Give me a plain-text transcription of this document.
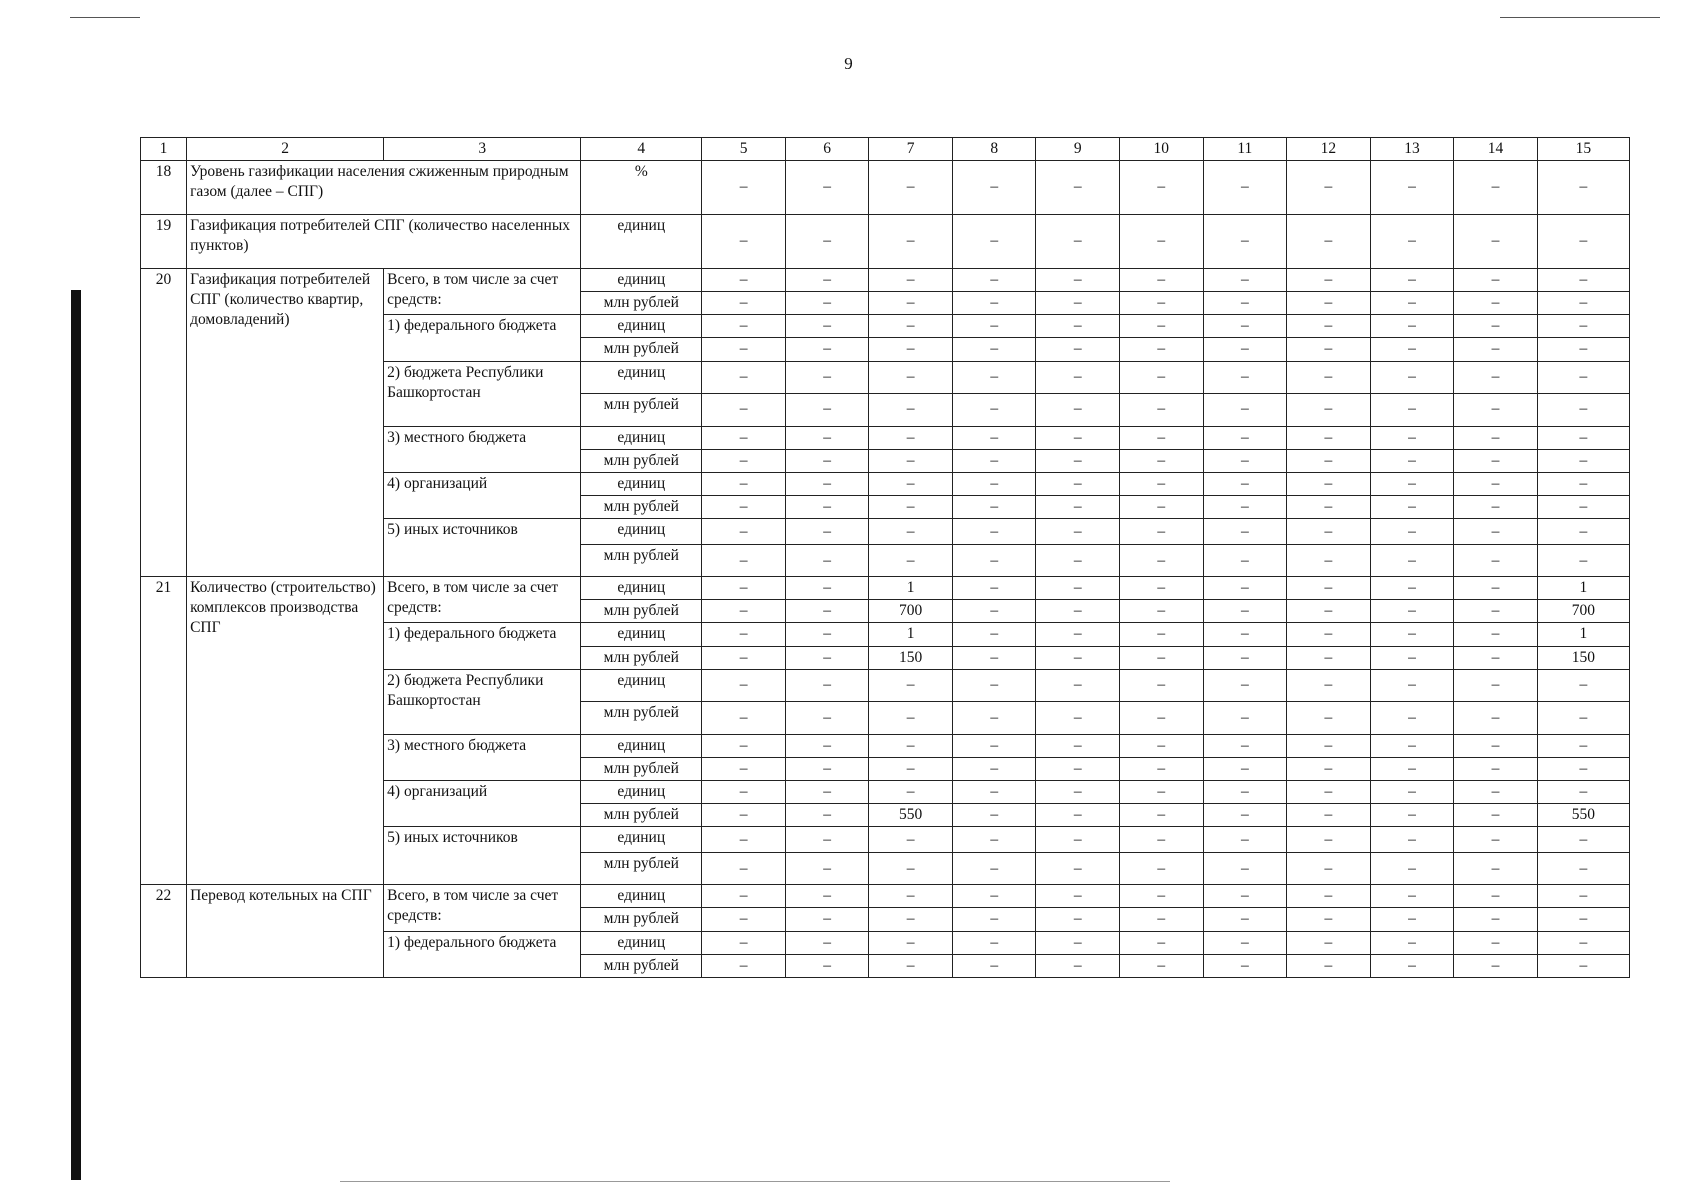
9
1	2	3	4	5	6	7	8	9	10	11	12	13	14	15
18	Уровень газификации населения сжиженным природным газом (далее – СПГ)		%	–	–	–	–	–	–	–	–	–	–	–
19	Газификация потребителей СПГ (количество населенных пунктов)		единиц	–	–	–	–	–	–	–	–	–	–	–
20	Газификация потребителей СПГ (количество квартир, домовладений)	Всего, в том числе за счет средств:	единиц	–	–	–	–	–	–	–	–	–	–	–
			млн рублей	–	–	–	–	–	–	–	–	–	–	–
		1) федерального бюджета	единиц	–	–	–	–	–	–	–	–	–	–	–
			млн рублей	–	–	–	–	–	–	–	–	–	–	–
		2) бюджета Республики Башкортостан	единиц	–	–	–	–	–	–	–	–	–	–	–
			млн рублей	–	–	–	–	–	–	–	–	–	–	–
		3) местного бюджета	единиц	–	–	–	–	–	–	–	–	–	–	–
			млн рублей	–	–	–	–	–	–	–	–	–	–	–
		4) организаций	единиц	–	–	–	–	–	–	–	–	–	–	–
			млн рублей	–	–	–	–	–	–	–	–	–	–	–
		5) иных источников	единиц	–	–	–	–	–	–	–	–	–	–	–
			млн рублей	–	–	–	–	–	–	–	–	–	–	–
21	Количество (строительство) комплексов производства СПГ	Всего, в том числе за счет средств:	единиц	–	–	1	–	–	–	–	–	–	–	1
			млн рублей	–	–	700	–	–	–	–	–	–	–	700
		1) федерального бюджета	единиц	–	–	1	–	–	–	–	–	–	–	1
			млн рублей	–	–	150	–	–	–	–	–	–	–	150
		2) бюджета Республики Башкортостан	единиц	–	–	–	–	–	–	–	–	–	–	–
			млн рублей	–	–	–	–	–	–	–	–	–	–	–
		3) местного бюджета	единиц	–	–	–	–	–	–	–	–	–	–	–
			млн рублей	–	–	–	–	–	–	–	–	–	–	–
		4) организаций	единиц	–	–	–	–	–	–	–	–	–	–	–
			млн рублей	–	–	550	–	–	–	–	–	–	–	550
		5) иных источников	единиц	–	–	–	–	–	–	–	–	–	–	–
			млн рублей	–	–	–	–	–	–	–	–	–	–	–
22	Перевод котельных на СПГ	Всего, в том числе за счет средств:	единиц	–	–	–	–	–	–	–	–	–	–	–
			млн рублей	–	–	–	–	–	–	–	–	–	–	–
		1) федерального бюджета	единиц	–	–	–	–	–	–	–	–	–	–	–
			млн рублей	–	–	–	–	–	–	–	–	–	–	–
